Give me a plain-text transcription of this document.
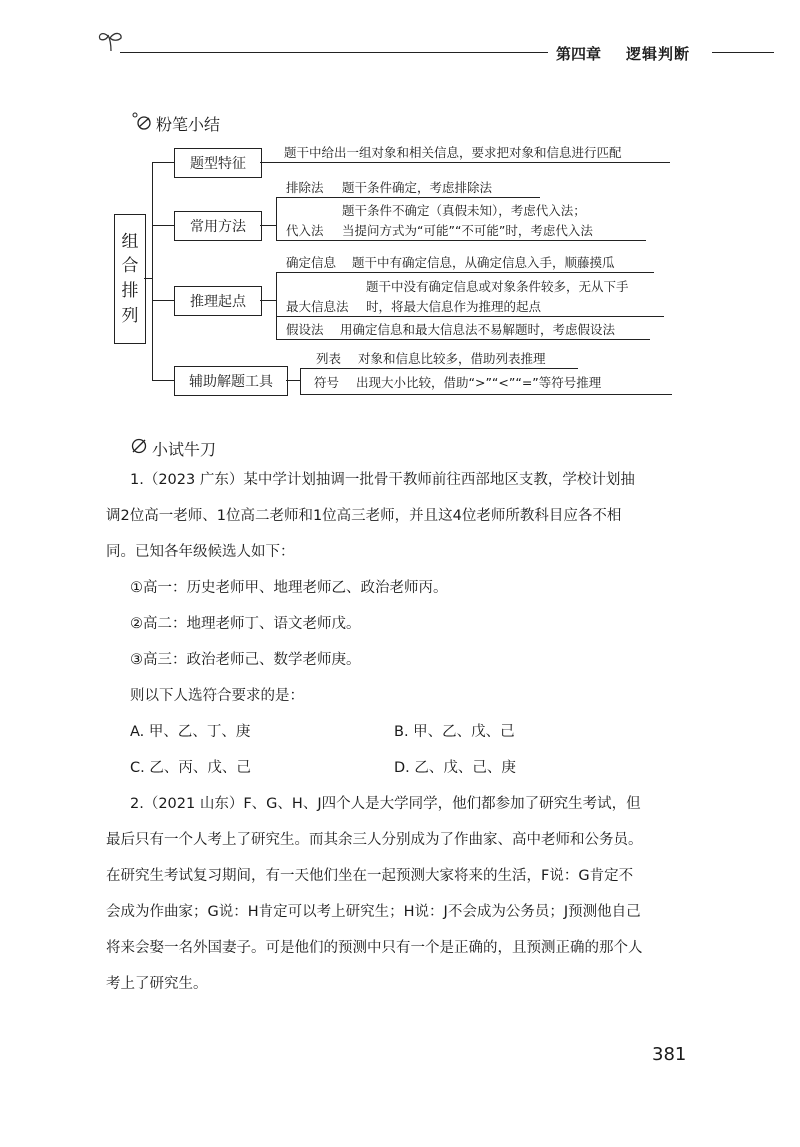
第四章 逻辑判断
粉笔小结
组
合
排
列
题型特征
题干中给出一组对象和相关信息，要求把对象和信息进行匹配
常用方法
排除法 题干条件确定，考虑排除法
题干条件不确定（真假未知），考虑代入法；
代入法 当提问方式为“可能”“不可能”时，考虑代入法
推理起点
确定信息 题干中有确定信息，从确定信息入手，顺藤摸瓜
题干中没有确定信息或对象条件较多，无从下手
最大信息法 时，将最大信息作为推理的起点
假设法 用确定信息和最大信息法不易解题时，考虑假设法
辅助解题工具
列表 对象和信息比较多，借助列表推理
符号 出现大小比较，借助“>”“<”“=”等符号推理
小试牛刀
1.（2023 广东）某中学计划抽调一批骨干教师前往西部地区支教，学校计划抽
调2位高一老师、1位高二老师和1位高三老师，并且这4位老师所教科目应各不相
同。已知各年级候选人如下：
①高一：历史老师甲、地理老师乙、政治老师丙。
②高二：地理老师丁、语文老师戊。
③高三：政治老师己、数学老师庚。
则以下人选符合要求的是：
A. 甲、乙、丁、庚	B. 甲、乙、戊、己
C. 乙、丙、戊、己	D. 乙、戊、己、庚
2.（2021 山东）F、G、H、J四个人是大学同学，他们都参加了研究生考试，但
最后只有一个人考上了研究生。而其余三人分别成为了作曲家、高中老师和公务员。
在研究生考试复习期间，有一天他们坐在一起预测大家将来的生活，F说：G肯定不
会成为作曲家；G说：H肯定可以考上研究生；H说：J不会成为公务员；J预测他自己
将来会娶一名外国妻子。可是他们的预测中只有一个是正确的，且预测正确的那个人
考上了研究生。
381
